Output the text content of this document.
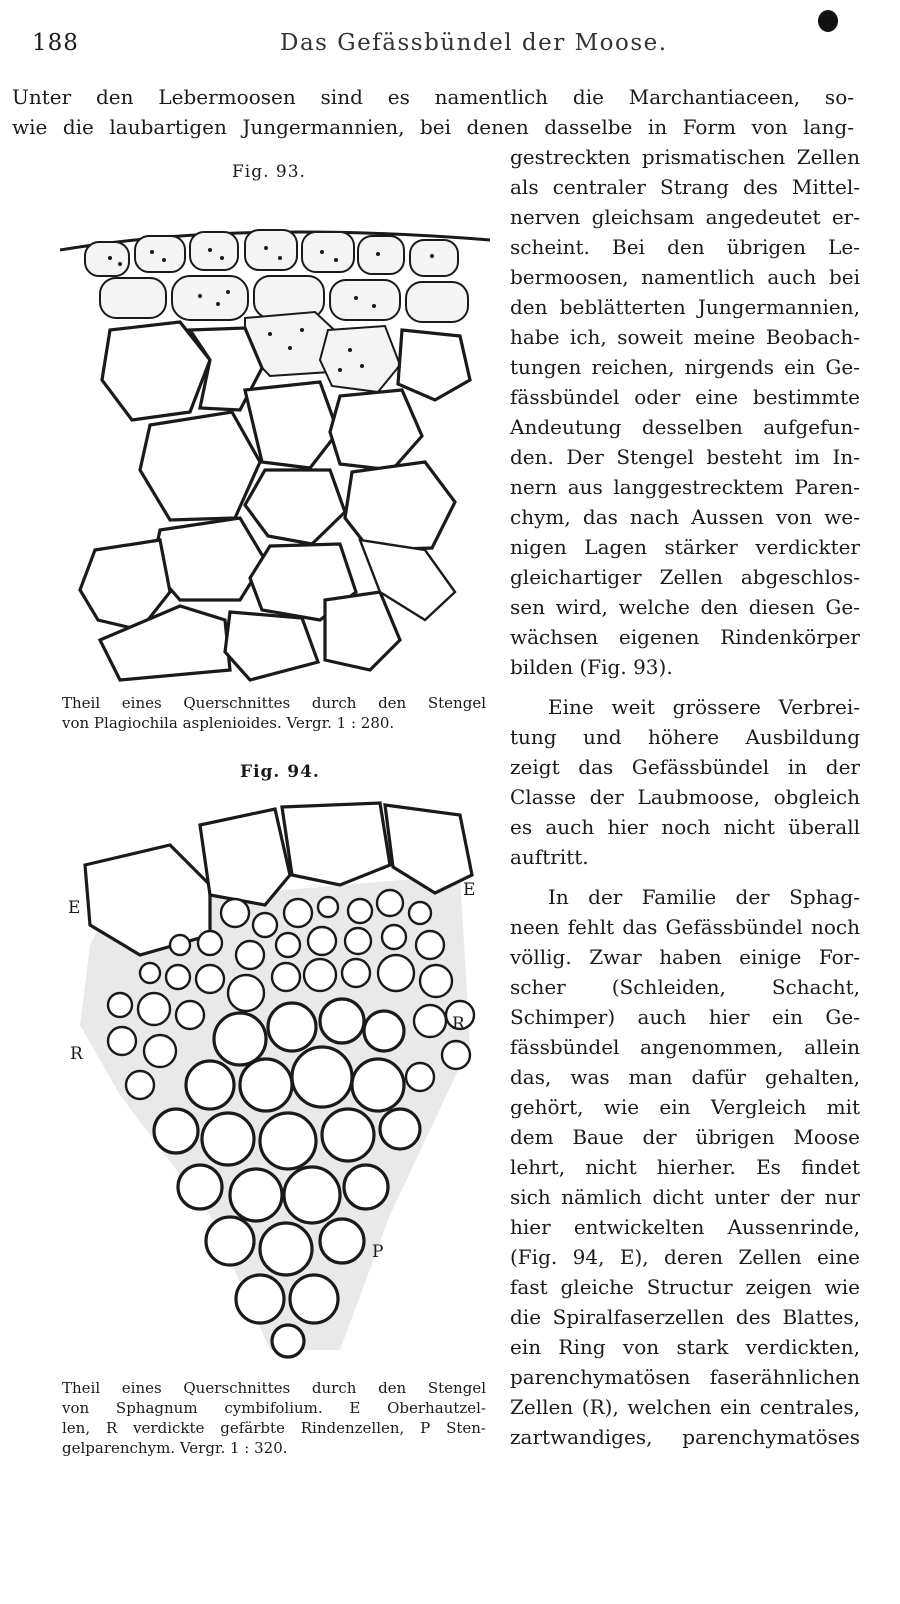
188	Das Gefässbündel der Moose.
Unter den Lebermoosen sind es namentlich die Marchantiaceen, so-
wie die laubartigen Jungermannien, bei denen dasselbe in Form von lang-
gestreckten prismatischen Zellen
als centraler Strang des Mittel-
nerven gleichsam angedeutet er-
scheint. Bei den übrigen Le-
bermoosen, namentlich auch bei
den beblätterten Jungermannien,
habe ich, soweit meine Beobach-
tungen reichen, nirgends ein Ge-
fässbündel oder eine bestimmte
Andeutung desselben aufgefun-
den. Der Stengel besteht im In-
nern aus langgestrecktem Paren-
chym, das nach Aussen von we-
nigen Lagen stärker verdickter
gleichartiger Zellen abgeschlos-
sen wird, welche den diesen Ge-
wächsen eigenen Rindenkörper
bilden (Fig. 93).
Eine weit grössere Verbrei-
tung und höhere Ausbildung
zeigt das Gefässbündel in der
Classe der Laubmoose, obgleich
es auch hier noch nicht überall
auftritt.
In der Familie der Sphag-
neen fehlt das Gefässbündel noch
völlig. Zwar haben einige For-
scher (Schleiden, Schacht,
Schimper) auch hier ein Ge-
fässbündel angenommen, allein
das, was man dafür gehalten,
gehört, wie ein Vergleich mit
dem Baue der übrigen Moose
lehrt, nicht hierher. Es findet
sich nämlich dicht unter der nur
hier entwickelten Aussenrinde,
(Fig. 94, E), deren Zellen eine
fast gleiche Structur zeigen wie
die Spiralfaserzellen des Blattes,
ein Ring von stark verdickten,
parenchymatösen faserähnlichen
Zellen (R), welchen ein centrales,
zartwandiges, parenchymatöses
Fig. 93.
Theil eines Querschnittes durch den Stengel
von Plagiochila asplenioides. Vergr. 1 : 280.
Fig. 94.
E
E
R
R
P
Theil eines Querschnittes durch den Stengel
von Sphagnum cymbifolium. E Oberhautzel-
len, R verdickte gefärbte Rindenzellen, P Sten-
gelparenchym. Vergr. 1 : 320.
